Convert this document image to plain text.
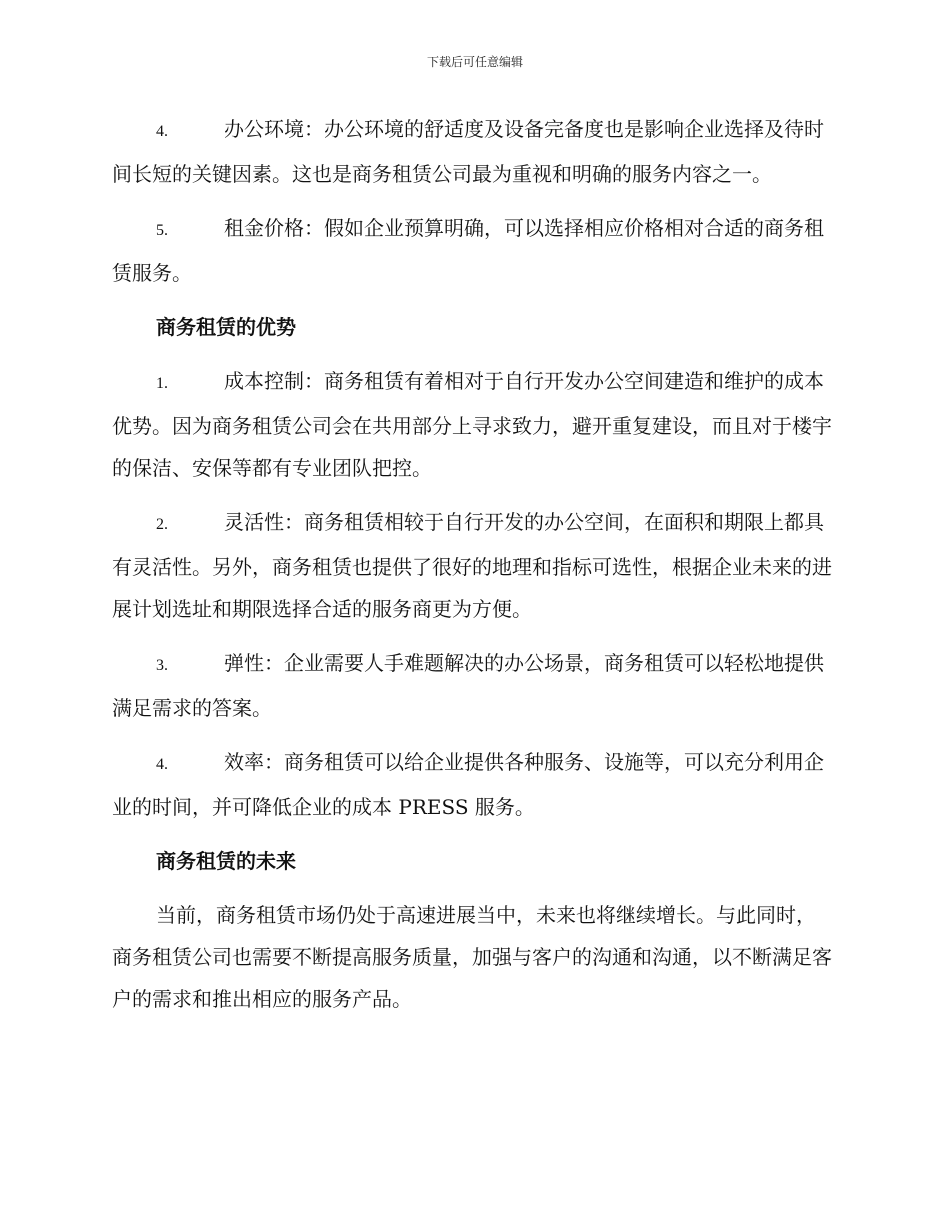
下载后可任意编辑

4.	办公环境：办公环境的舒适度及设备完备度也是影响企业选择及待时间长短的关键因素。这也是商务租赁公司最为重视和明确的服务内容之一。

5.	租金价格：假如企业预算明确，可以选择相应价格相对合适的商务租赁服务。

商务租赁的优势

1.	成本控制：商务租赁有着相对于自行开发办公空间建造和维护的成本优势。因为商务租赁公司会在共用部分上寻求致力，避开重复建设，而且对于楼宇的保洁、安保等都有专业团队把控。

2.	灵活性：商务租赁相较于自行开发的办公空间，在面积和期限上都具有灵活性。另外，商务租赁也提供了很好的地理和指标可选性，根据企业未来的进展计划选址和期限选择合适的服务商更为方便。

3.	弹性：企业需要人手难题解决的办公场景，商务租赁可以轻松地提供满足需求的答案。

4.	效率：商务租赁可以给企业提供各种服务、设施等，可以充分利用企业的时间，并可降低企业的成本 PRESS 服务。

商务租赁的未来

当前，商务租赁市场仍处于高速进展当中，未来也将继续增长。与此同时，商务租赁公司也需要不断提高服务质量，加强与客户的沟通和沟通，以不断满足客户的需求和推出相应的服务产品。
